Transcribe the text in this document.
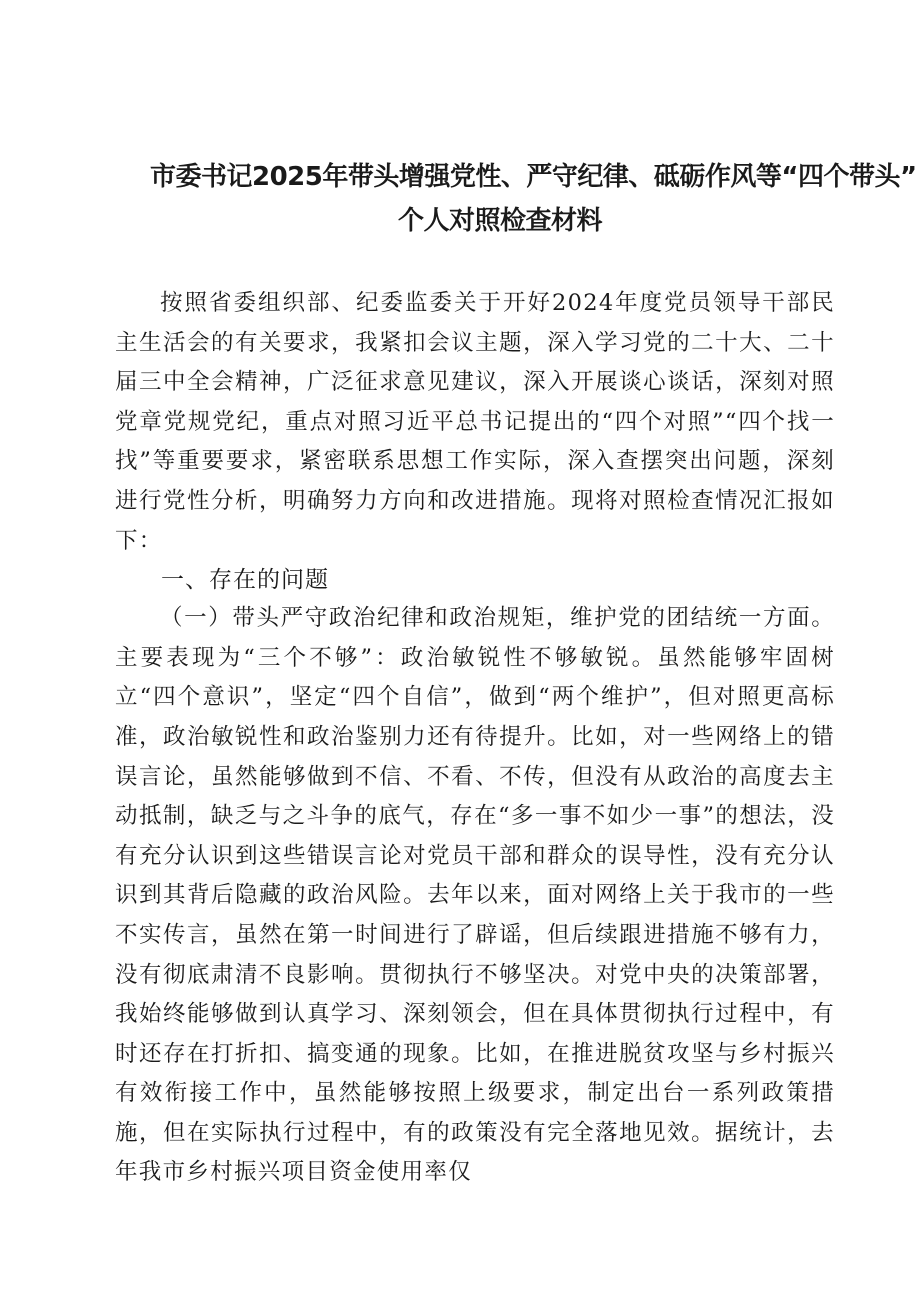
市委书记2025年带头增强党性、严守纪律、砥砺作风等“四个带头”
个人对照检查材料

按照省委组织部、纪委监委关于开好2024年度党员领导干部民主生活会的有关要求，我紧扣会议主题，深入学习党的二十大、二十届三中全会精神，广泛征求意见建议，深入开展谈心谈话，深刻对照党章党规党纪，重点对照习近平总书记提出的“四个对照”“四个找一找”等重要要求，紧密联系思想工作实际，深入查摆突出问题，深刻进行党性分析，明确努力方向和改进措施。现将对照检查情况汇报如下：

一、存在的问题

（一）带头严守政治纪律和政治规矩，维护党的团结统一方面。主要表现为“三个不够”：政治敏锐性不够敏锐。虽然能够牢固树立“四个意识”，坚定“四个自信”，做到“两个维护”，但对照更高标准，政治敏锐性和政治鉴别力还有待提升。比如，对一些网络上的错误言论，虽然能够做到不信、不看、不传，但没有从政治的高度去主动抵制，缺乏与之斗争的底气，存在“多一事不如少一事”的想法，没有充分认识到这些错误言论对党员干部和群众的误导性，没有充分认识到其背后隐藏的政治风险。去年以来，面对网络上关于我市的一些不实传言，虽然在第一时间进行了辟谣，但后续跟进措施不够有力，没有彻底肃清不良影响。贯彻执行不够坚决。对党中央的决策部署，我始终能够做到认真学习、深刻领会，但在具体贯彻执行过程中，有时还存在打折扣、搞变通的现象。比如，在推进脱贫攻坚与乡村振兴有效衔接工作中，虽然能够按照上级要求，制定出台一系列政策措施，但在实际执行过程中，有的政策没有完全落地见效。据统计，去年我市乡村振兴项目资金使用率仅
